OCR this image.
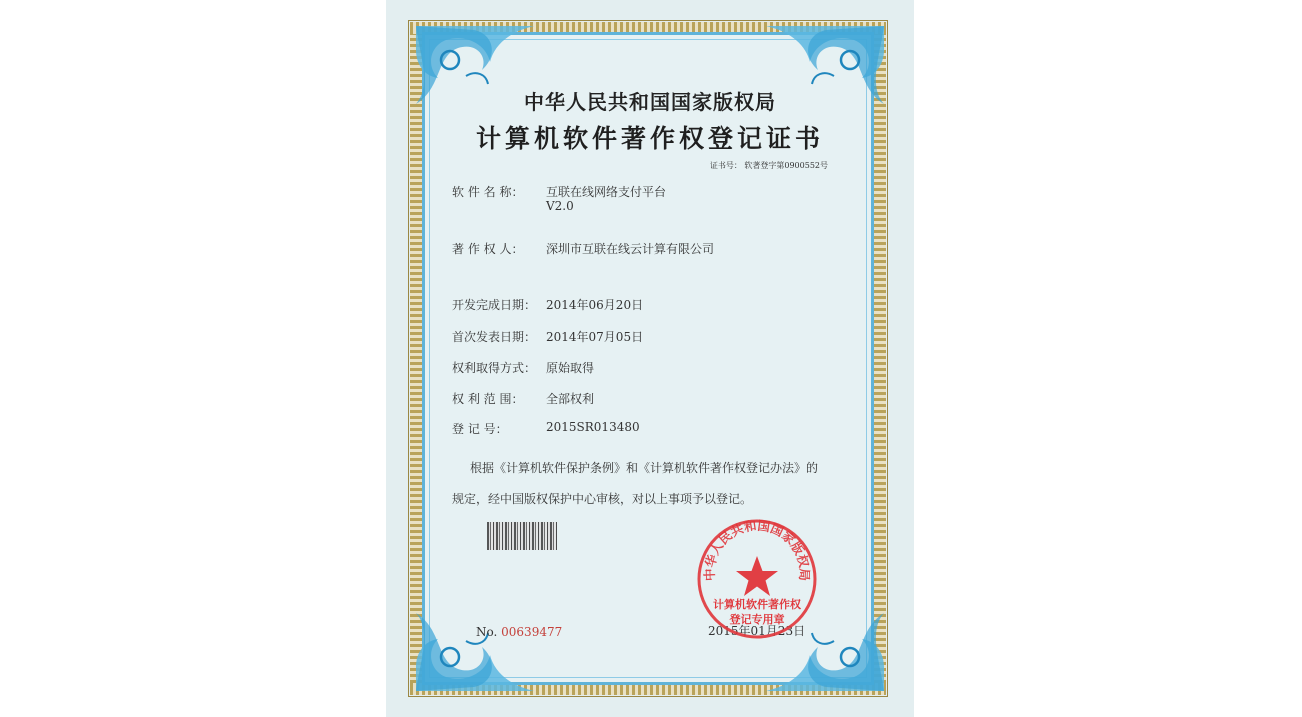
中华人民共和国国家版权局
计算机软件著作权登记证书
证书号： 软著登字第0900552号
软 件 名 称： 互联在线网络支付平台
V2.0
著 作 权 人： 深圳市互联在线云计算有限公司
开发完成日期： 2014年06月20日
首次发表日期： 2014年07月05日
权利取得方式： 原始取得
权 利 范 围： 全部权利
登 记 号：	2015SR013480
根据《计算机软件保护条例》和《计算机软件著作权登记办法》的
规定，经中国版权保护中心审核，对以上事项予以登记。
No. 00639477	2015年01月23日
中华人民共和国国家版权局
计算机软件著作权
登记专用章
